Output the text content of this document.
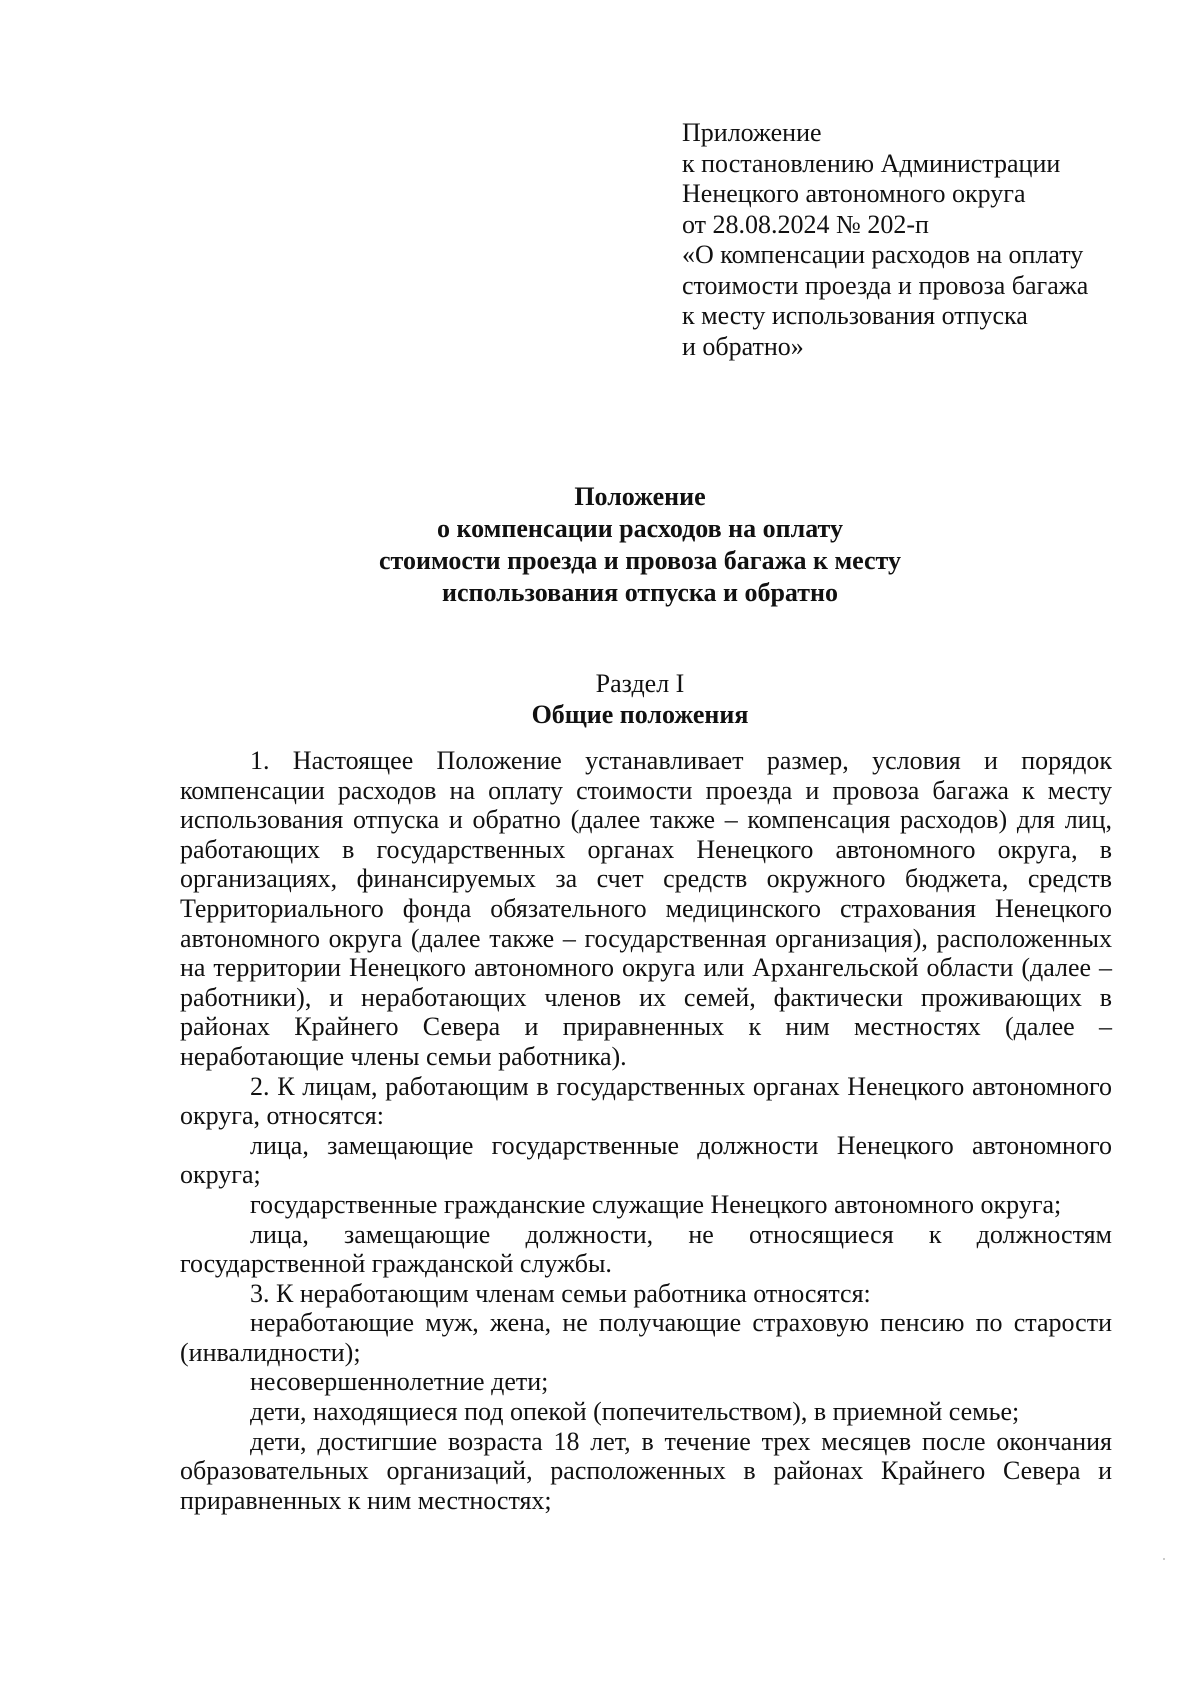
Приложение
к постановлению Администрации
Ненецкого автономного округа
от 28.08.2024 № 202-п
«О компенсации расходов на оплату
стоимости проезда и провоза багажа
к месту использования отпуска
и обратно»
Положение
о компенсации расходов на оплату
стоимости проезда и провоза багажа к месту
использования отпуска и обратно
Раздел I
Общие положения

1. Настоящее Положение устанавливает размер, условия и порядок компенсации расходов на оплату стоимости проезда и провоза багажа к месту использования отпуска и обратно (далее также – компенсация расходов) для лиц, работающих в государственных органах Ненецкого автономного округа, в организациях, финансируемых за счет средств окружного бюджета, средств Территориального фонда обязательного медицинского страхования Ненецкого автономного округа (далее также – государственная организация), расположенных на территории Ненецкого автономного округа или Архангельской области (далее – работники), и неработающих членов их семей, фактически проживающих в районах Крайнего Севера и приравненных к ним местностях (далее – неработающие члены семьи работника).

2. К лицам, работающим в государственных органах Ненецкого автономного округа, относятся:

лица, замещающие государственные должности Ненецкого автономного округа;

государственные гражданские служащие Ненецкого автономного округа;

лица, замещающие должности, не относящиеся к должностям государственной гражданской службы.

3. К неработающим членам семьи работника относятся:

неработающие муж, жена, не получающие страховую пенсию по старости (инвалидности);

несовершеннолетние дети;

дети, находящиеся под опекой (попечительством), в приемной семье;

дети, достигшие возраста 18 лет, в течение трех месяцев после окончания образовательных организаций, расположенных в районах Крайнего Севера и приравненных к ним местностях;
